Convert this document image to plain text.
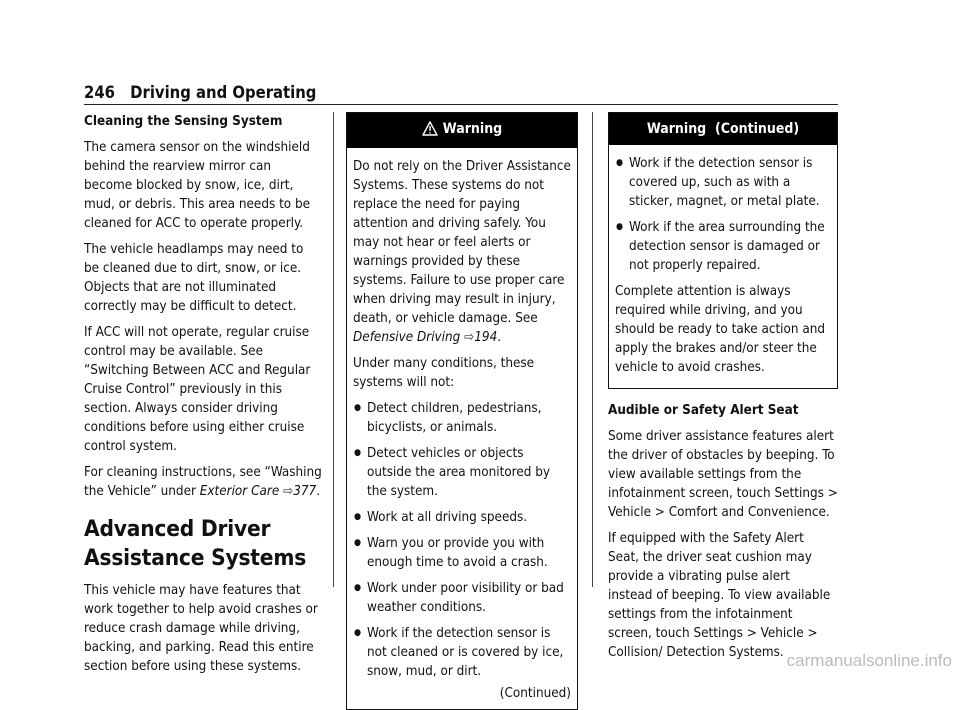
246 Driving and Operating
Cleaning the Sensing System

The camera sensor on the windshield behind the rearview mirror can become blocked by snow, ice, dirt, mud, or debris. This area needs to be cleaned for ACC to operate properly.

The vehicle headlamps may need to be cleaned due to dirt, snow, or ice. Objects that are not illuminated correctly may be difficult to detect.

If ACC will not operate, regular cruise control may be available. See “Switching Between ACC and Regular Cruise Control” previously in this section. Always consider driving conditions before using either cruise control system.

For cleaning instructions, see “Washing the Vehicle” under Exterior Care ⇨377.

Advanced Driver Assistance Systems

This vehicle may have features that work together to help avoid crashes or reduce crash damage while driving, backing, and parking. Read this entire section before using these systems.

Warning

Do not rely on the Driver Assistance Systems. These systems do not replace the need for paying attention and driving safely. You may not hear or feel alerts or warnings provided by these systems. Failure to use proper care when driving may result in injury, death, or vehicle damage. See Defensive Driving ⇨194.

Under many conditions, these systems will not:

● Detect children, pedestrians, bicyclists, or animals.
● Detect vehicles or objects outside the area monitored by the system.
● Work at all driving speeds.
● Warn you or provide you with enough time to avoid a crash.
● Work under poor visibility or bad weather conditions.
● Work if the detection sensor is not cleaned or is covered by ice, snow, mud, or dirt.
(Continued)
Warning  (Continued)
● Work if the detection sensor is covered up, such as with a sticker, magnet, or metal plate.
● Work if the area surrounding the detection sensor is damaged or not properly repaired.

Complete attention is always required while driving, and you should be ready to take action and apply the brakes and/or steer the vehicle to avoid crashes.

Audible or Safety Alert Seat

Some driver assistance features alert the driver of obstacles by beeping. To view available settings from the infotainment screen, touch Settings > Vehicle > Comfort and Convenience.

If equipped with the Safety Alert Seat, the driver seat cushion may provide a vibrating pulse alert instead of beeping. To view available settings from the infotainment screen, touch Settings > Vehicle > Collision/ Detection Systems. carmanualsonline.info
